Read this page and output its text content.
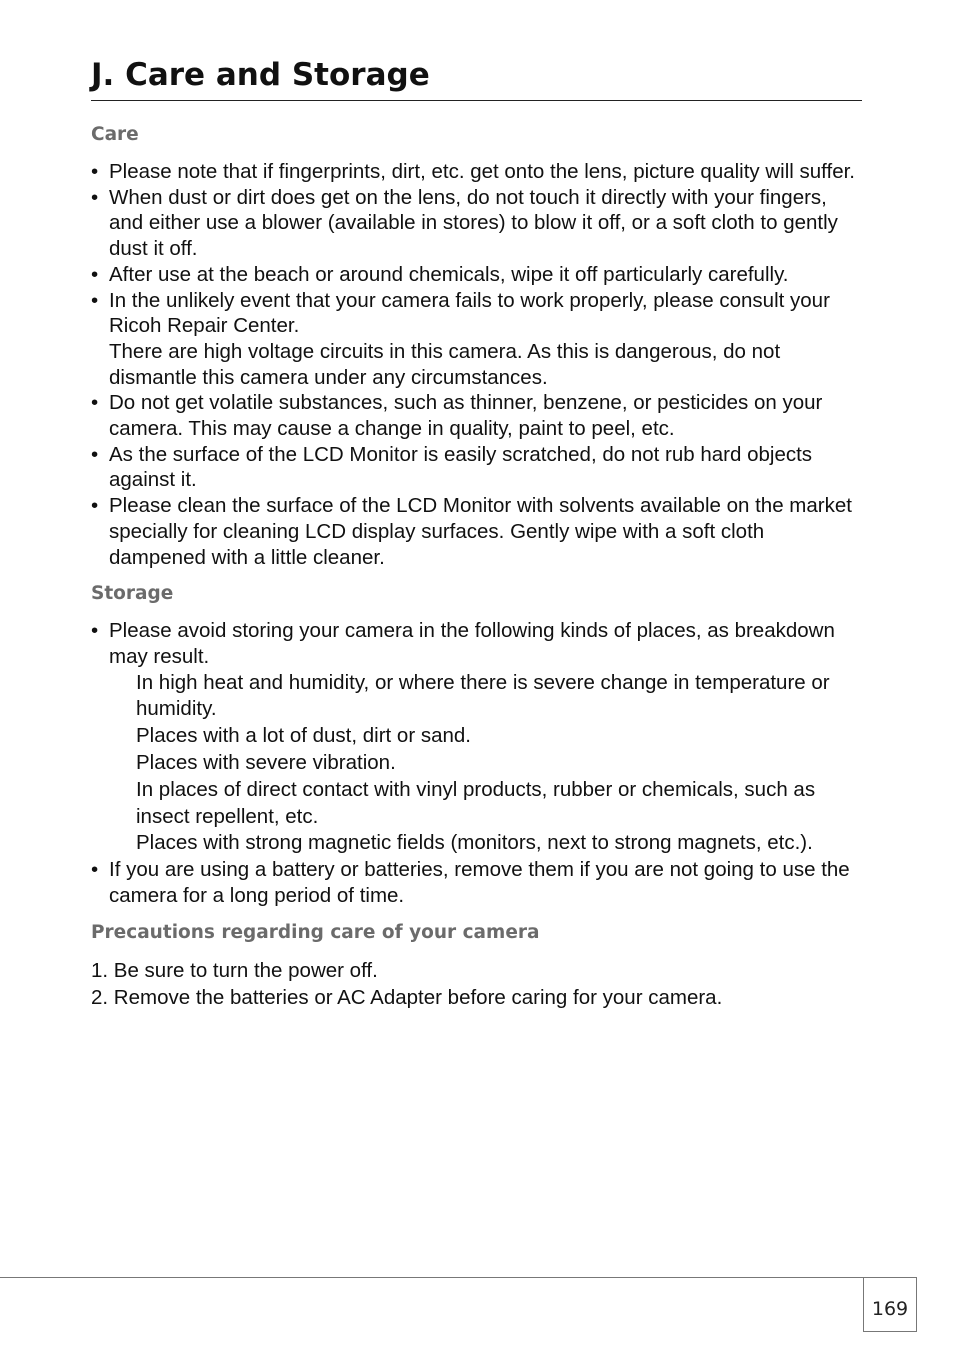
J. Care and Storage
Care
• Please note that if fingerprints, dirt, etc. get onto the lens, picture quality will suffer.
• When dust or dirt does get on the lens, do not touch it directly with your fingers, and either use a blower (available in stores) to blow it off, or a soft cloth to gently dust it off.
• After use at the beach or around chemicals, wipe it off particularly carefully.
• In the unlikely event that your camera fails to work properly, please consult your Ricoh Repair Center.
There are high voltage circuits in this camera. As this is dangerous, do not dismantle this camera under any circumstances.
• Do not get volatile substances, such as thinner, benzene, or pesticides on your camera. This may cause a change in quality, paint to peel, etc.
• As the surface of the LCD Monitor is easily scratched, do not rub hard objects against it.
• Please clean the surface of the LCD Monitor with solvents available on the market specially for cleaning LCD display surfaces. Gently wipe with a soft cloth dampened with a little cleaner.
Storage
• Please avoid storing your camera in the following kinds of places, as breakdown may result.
In high heat and humidity, or where there is severe change in temperature or humidity.
Places with a lot of dust, dirt or sand.
Places with severe vibration.
In places of direct contact with vinyl products, rubber or chemicals, such as insect repellent, etc.
Places with strong magnetic fields (monitors, next to strong magnets, etc.).
• If you are using a battery or batteries, remove them if you are not going to use the camera for a long period of time.
Precautions regarding care of your camera
1. Be sure to turn the power off.
2. Remove the batteries or AC Adapter before caring for your camera.
169
